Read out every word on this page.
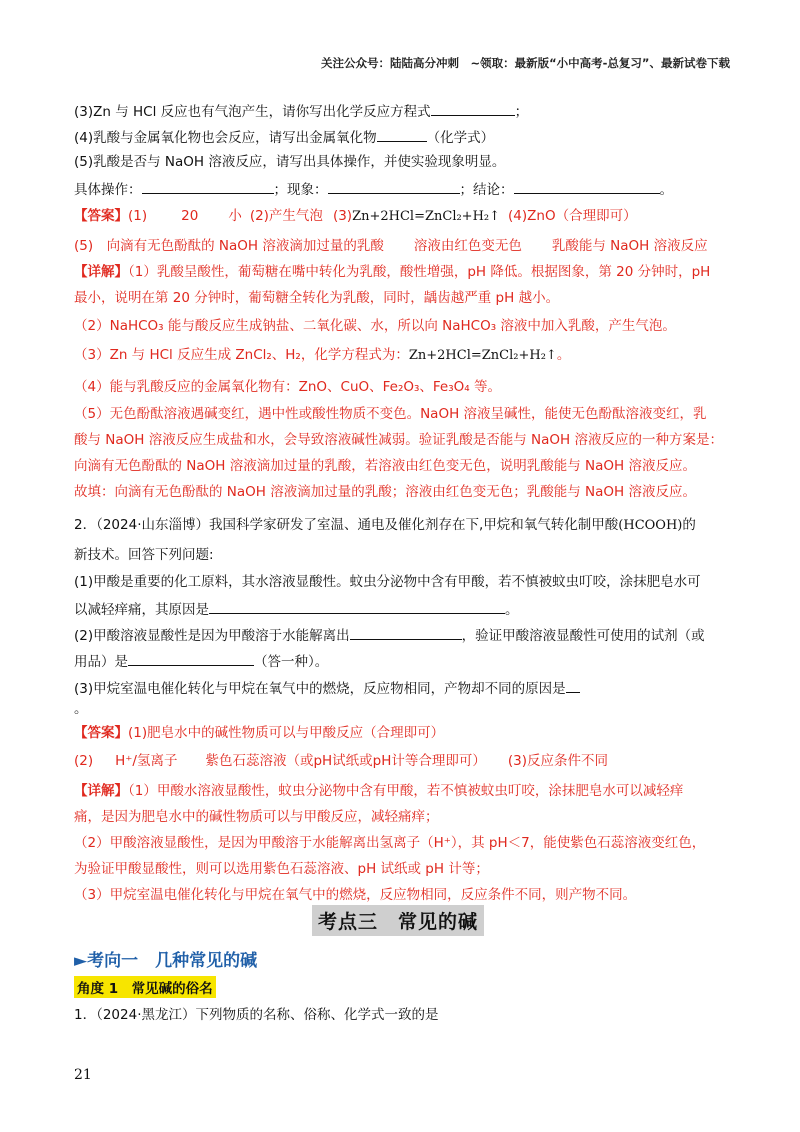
关注公众号：陆陆高分冲刺　~领取：最新版“小中高考-总复习”、最新试卷下载
(3)Zn 与 HCl 反应也有气泡产生，请你写出化学反应方程式	；
(4)乳酸与金属氧化物也会反应，请写出金属氧化物	（化学式）
(5)乳酸是否与 NaOH 溶液反应，请写出具体操作，并使实验现象明显。
具体操作：	；现象：	；结论：	。
【答案】(1)	20 小 (2)产生气泡 (3)Zn+2HCl=ZnCl₂+H₂↑ (4)ZnO（合理即可）
(5)　向滴有无色酚酞的 NaOH 溶液滴加过量的乳酸 溶液由红色变无色 乳酸能与 NaOH 溶液反应
【详解】（1）乳酸呈酸性，葡萄糖在嘴中转化为乳酸，酸性增强，pH 降低。根据图象，第 20 分钟时，pH
最小，说明在第 20 分钟时，葡萄糖全转化为乳酸，同时，龋齿越严重 pH 越小。
（2）NaHCO₃ 能与酸反应生成钠盐、二氧化碳、水，所以向 NaHCO₃ 溶液中加入乳酸，产生气泡。
（3）Zn 与 HCl 反应生成 ZnCl₂、H₂，化学方程式为：Zn+2HCl=ZnCl₂+H₂↑。
（4）能与乳酸反应的金属氧化物有：ZnO、CuO、Fe₂O₃、Fe₃O₄ 等。
（5）无色酚酞溶液遇碱变红，遇中性或酸性物质不变色。NaOH 溶液呈碱性，能使无色酚酞溶液变红，乳
酸与 NaOH 溶液反应生成盐和水，会导致溶液碱性减弱。验证乳酸是否能与 NaOH 溶液反应的一种方案是：
向滴有无色酚酞的 NaOH 溶液滴加过量的乳酸，若溶液由红色变无色，说明乳酸能与 NaOH 溶液反应。
故填：向滴有无色酚酞的 NaOH 溶液滴加过量的乳酸；溶液由红色变无色；乳酸能与 NaOH 溶液反应。
2．（2024·山东淄博）我国科学家研发了室温、通电及催化剂存在下,甲烷和氧气转化制甲酸(HCOOH)的
新技术。回答下列问题:
(1)甲酸是重要的化工原料，其水溶液显酸性。蚊虫分泌物中含有甲酸，若不慎被蚊虫叮咬，涂抹肥皂水可
以减轻痒痛，其原因是	。
(2)甲酸溶液显酸性是因为甲酸溶于水能解离出	，验证甲酸溶液显酸性可使用的试剂（或
用品）是	（答一种）。
(3)甲烷室温电催化转化与甲烷在氧气中的燃烧，反应物相同，产物却不同的原因是
。
【答案】(1)肥皂水中的碱性物质可以与甲酸反应（合理即可）
(2) H⁺/氢离子 紫色石蕊溶液（或pH试纸或pH计等合理即可） (3)反应条件不同
【详解】（1）甲酸水溶液显酸性，蚊虫分泌物中含有甲酸，若不慎被蚊虫叮咬，涂抹肥皂水可以减轻痒
痛，是因为肥皂水中的碱性物质可以与甲酸反应，减轻痛痒；
（2）甲酸溶液显酸性，是因为甲酸溶于水能解离出氢离子（H⁺），其 pH＜7，能使紫色石蕊溶液变红色，
为验证甲酸显酸性，则可以选用紫色石蕊溶液、pH 试纸或 pH 计等；
（3）甲烷室温电催化转化与甲烷在氧气中的燃烧，反应物相同，反应条件不同，则产物不同。
考点三　常见的碱
►考向一　几种常见的碱
角度 1　常见碱的俗名
1．（2024·黑龙江）下列物质的名称、俗称、化学式一致的是
21
